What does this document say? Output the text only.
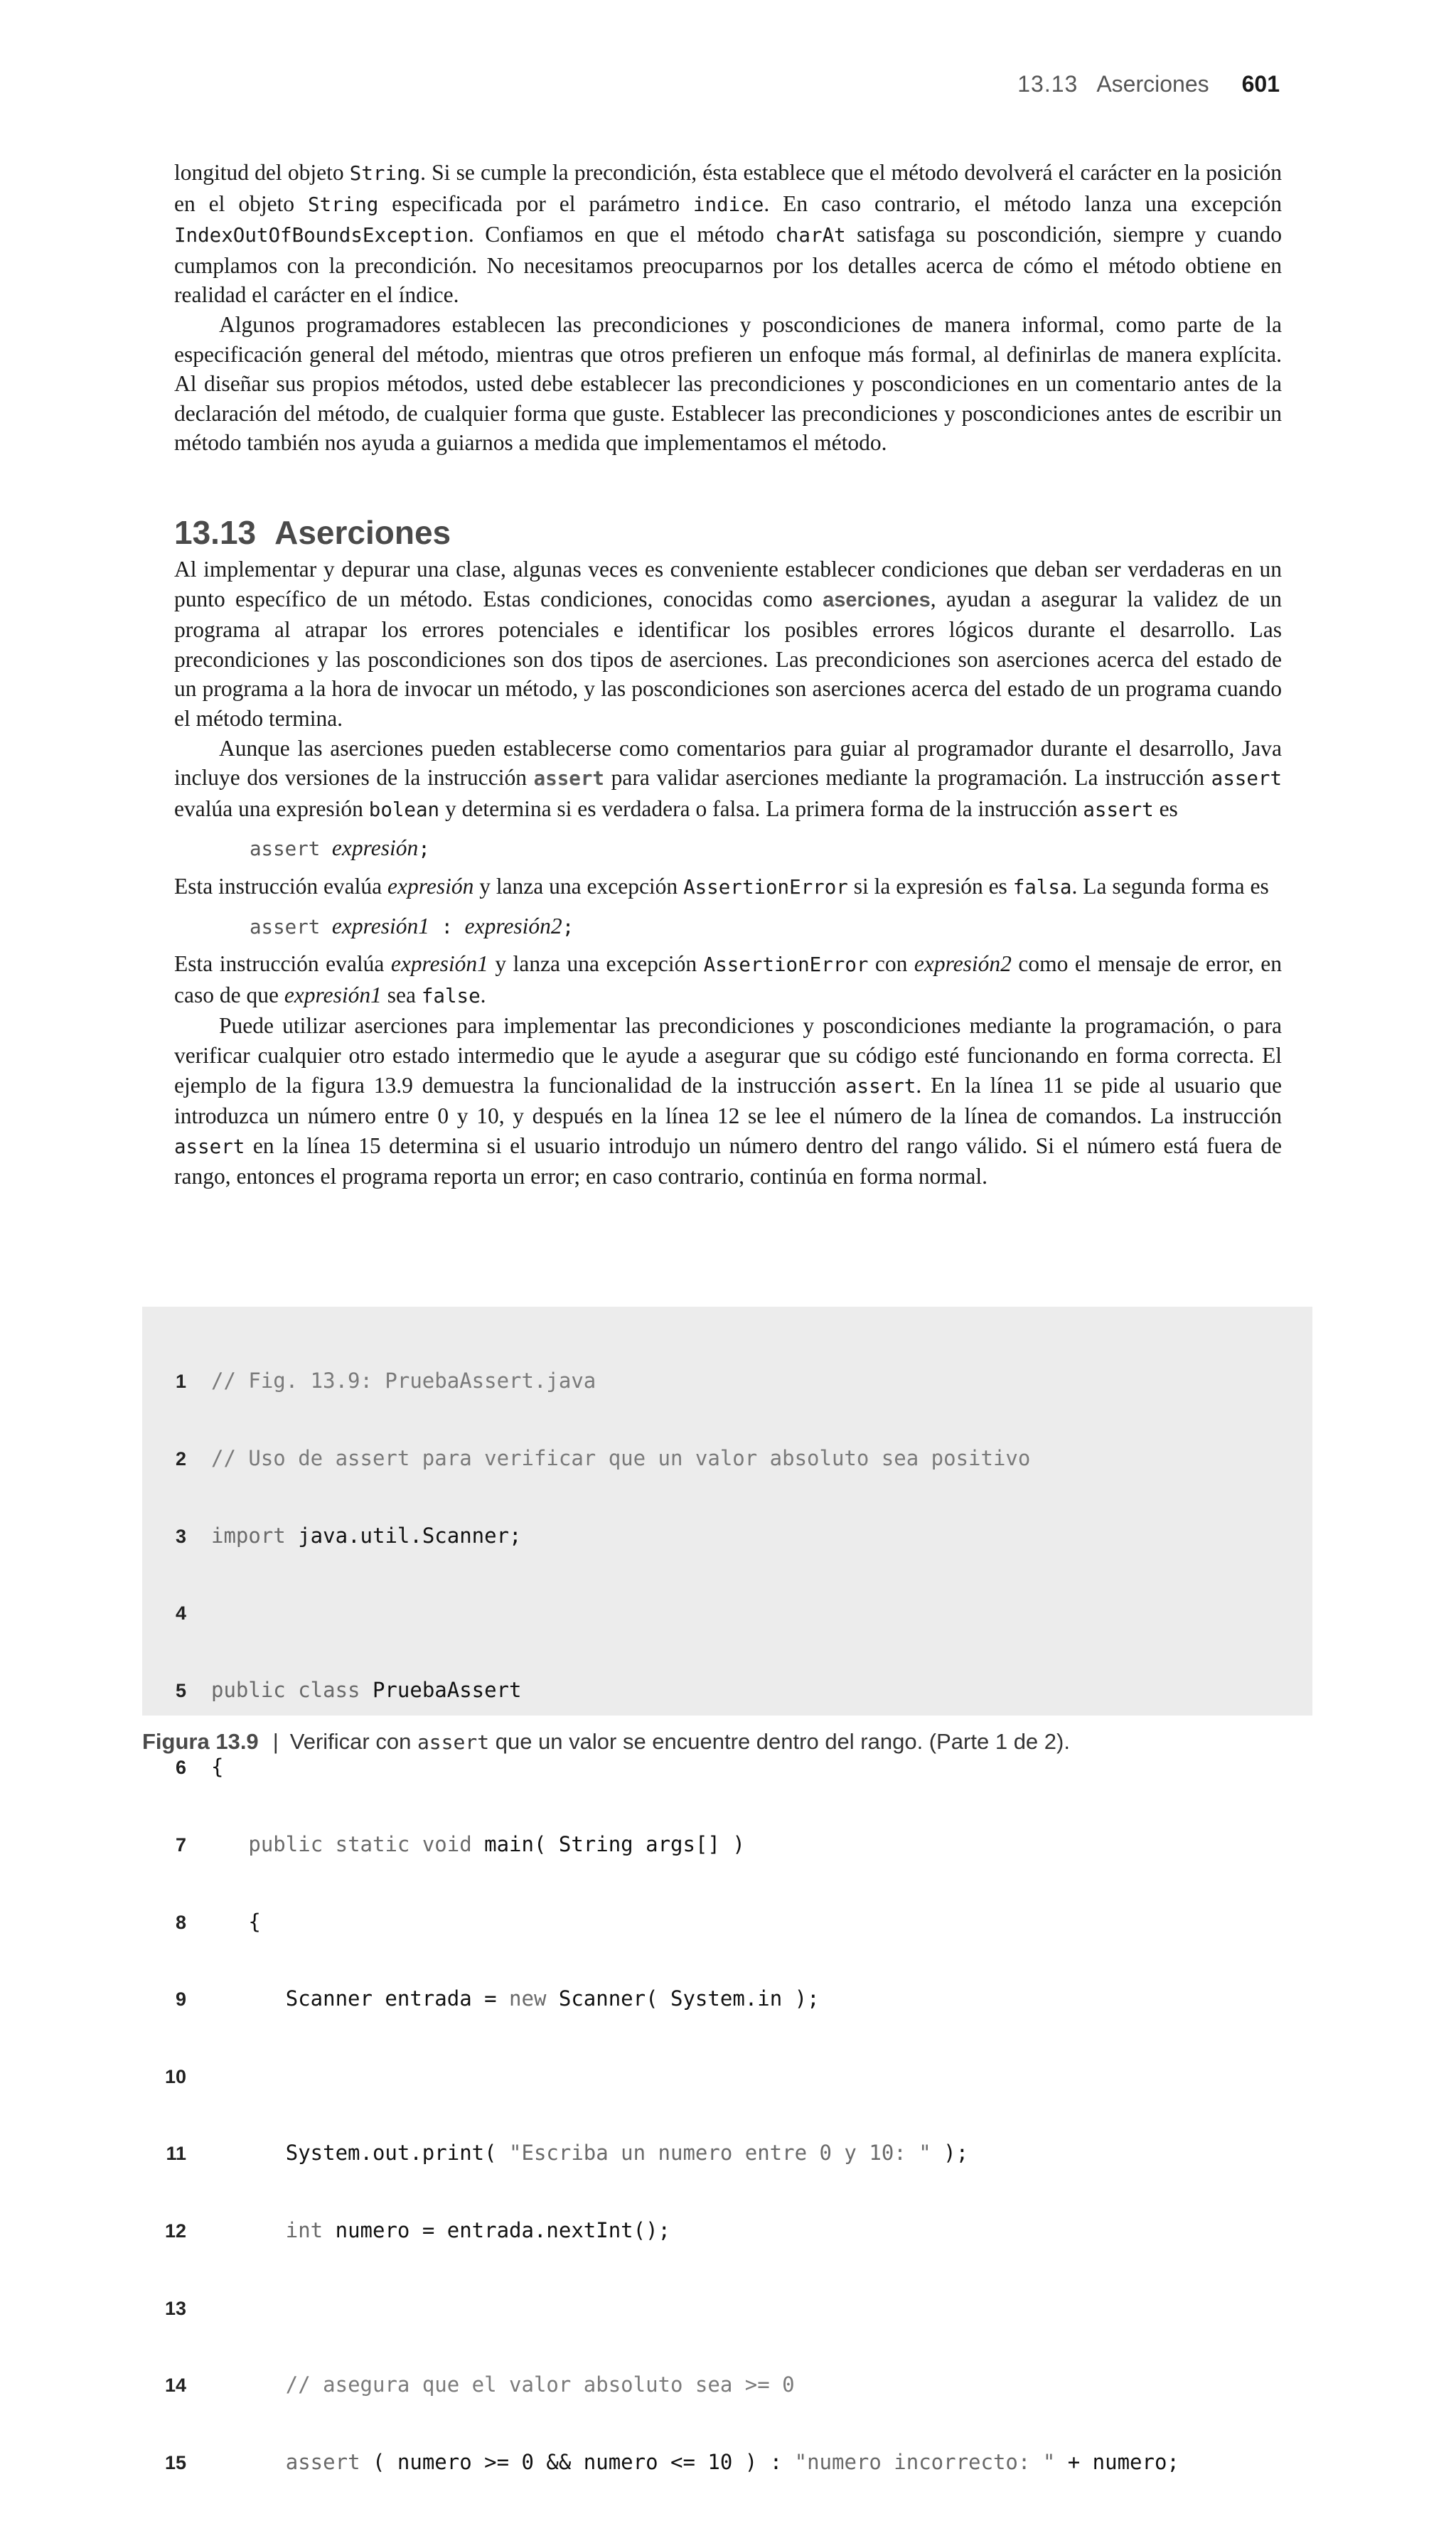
13.13 Aserciones 601

longitud del objeto String. Si se cumple la precondición, ésta establece que el método devolverá el carácter en la posición en el objeto String especificada por el parámetro indice. En caso contrario, el método lanza una excepción IndexOutOfBoundsException. Confiamos en que el método charAt satisfaga su poscondición, siempre y cuando cumplamos con la precondición. No necesitamos preocuparnos por los detalles acerca de cómo el método obtiene en realidad el carácter en el índice.

Algunos programadores establecen las precondiciones y poscondiciones de manera informal, como parte de la especificación general del método, mientras que otros prefieren un enfoque más formal, al definirlas de manera explícita. Al diseñar sus propios métodos, usted debe establecer las precondiciones y poscondiciones en un comentario antes de la declaración del método, de cualquier forma que guste. Establecer las precondiciones y poscondiciones antes de escribir un método también nos ayuda a guiarnos a medida que implementamos el método.

13.13 Aserciones

Al implementar y depurar una clase, algunas veces es conveniente establecer condiciones que deban ser verdaderas en un punto específico de un método. Estas condiciones, conocidas como aserciones, ayudan a asegurar la validez de un programa al atrapar los errores potenciales e identificar los posibles errores lógicos durante el desarrollo. Las precondiciones y las poscondiciones son dos tipos de aserciones. Las precondiciones son aserciones acerca del estado de un programa a la hora de invocar un método, y las poscondiciones son aserciones acerca del estado de un programa cuando el método termina.

Aunque las aserciones pueden establecerse como comentarios para guiar al programador durante el desarrollo, Java incluye dos versiones de la instrucción assert para validar aserciones mediante la programación. La instrucción assert evalúa una expresión bolean y determina si es verdadera o falsa. La primera forma de la instrucción assert es

assert expresión;

Esta instrucción evalúa expresión y lanza una excepción AssertionError si la expresión es falsa. La segunda forma es

assert expresión1 : expresión2;

Esta instrucción evalúa expresión1 y lanza una excepción AssertionError con expresión2 como el mensaje de error, en caso de que expresión1 sea false.

Puede utilizar aserciones para implementar las precondiciones y poscondiciones mediante la programación, o para verificar cualquier otro estado intermedio que le ayude a asegurar que su código esté funcionando en forma correcta. El ejemplo de la figura 13.9 demuestra la funcionalidad de la instrucción assert. En la línea 11 se pide al usuario que introduzca un número entre 0 y 10, y después en la línea 12 se lee el número de la línea de comandos. La instrucción assert en la línea 15 determina si el usuario introdujo un número dentro del rango válido. Si el número está fuera de rango, entonces el programa reporta un error; en caso contrario, continúa en forma normal.

1 // Fig. 13.9: PruebaAssert.java

2 // Uso de assert para verificar que un valor absoluto sea positivo

3 import java.util.Scanner;

4

5 public class PruebaAssert

6 {

7	public static void main( String args[] )

8   {

9      Scanner entrada = new Scanner( System.in );

10

11      System.out.print( "Escriba un numero entre 0 y 10: " );

12	int numero = entrada.nextInt();

13

14	// asegura que el valor absoluto sea >= 0

15	assert ( numero >= 0 && numero <= 10 ) : "numero incorrecto: " + numero;

Figura 13.9 | Verificar con assert que un valor se encuentre dentro del rango. (Parte 1 de 2).
